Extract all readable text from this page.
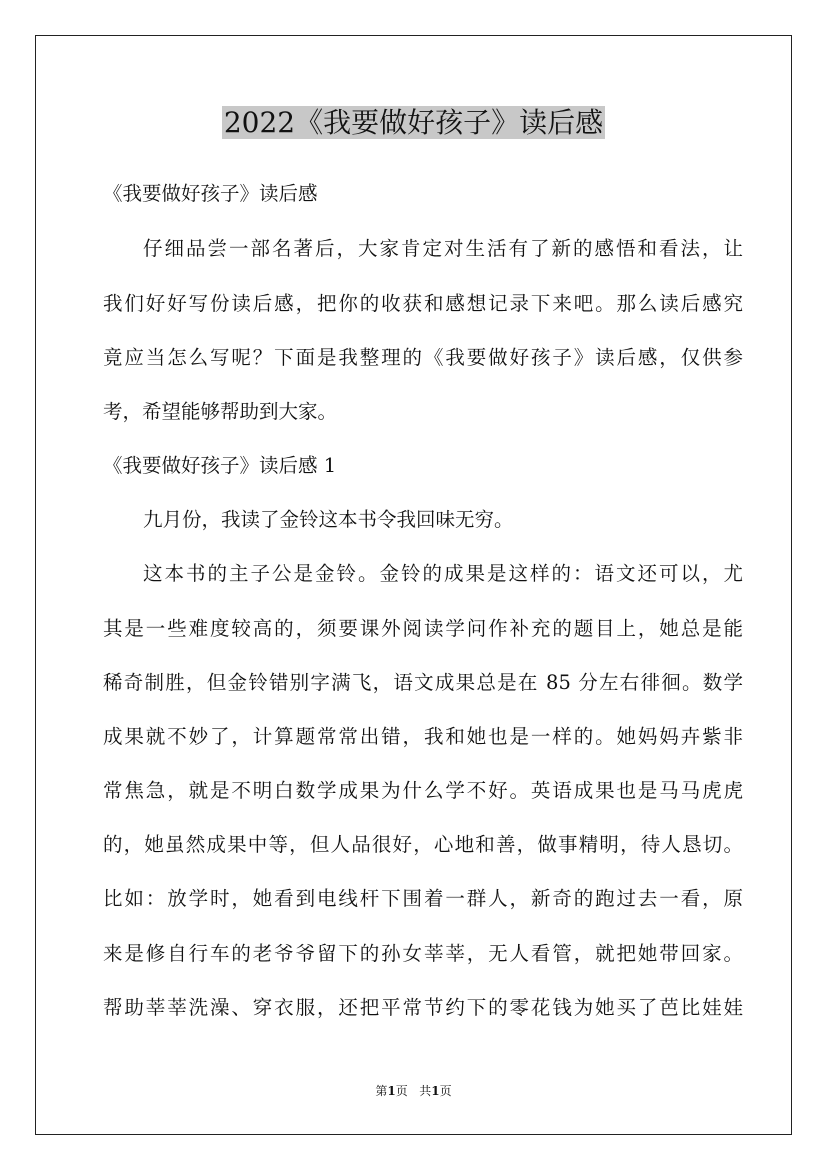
2022《我要做好孩子》读后感
《我要做好孩子》读后感
仔细品尝一部名著后，大家肯定对生活有了新的感悟和看法，让
我们好好写份读后感，把你的收获和感想记录下来吧。那么读后感究
竟应当怎么写呢？下面是我整理的《我要做好孩子》读后感，仅供参
考，希望能够帮助到大家。
《我要做好孩子》读后感 1
九月份，我读了金铃这本书令我回味无穷。
这本书的主子公是金铃。金铃的成果是这样的：语文还可以，尤
其是一些难度较高的，须要课外阅读学问作补充的题目上，她总是能
稀奇制胜，但金铃错别字满飞，语文成果总是在 85 分左右徘徊。数学
成果就不妙了，计算题常常出错，我和她也是一样的。她妈妈卉紫非
常焦急，就是不明白数学成果为什么学不好。英语成果也是马马虎虎
的，她虽然成果中等，但人品很好，心地和善，做事精明，待人恳切。
比如：放学时，她看到电线杆下围着一群人，新奇的跑过去一看，原
来是修自行车的老爷爷留下的孙女莘莘，无人看管，就把她带回家。
帮助莘莘洗澡、穿衣服，还把平常节约下的零花钱为她买了芭比娃娃
第1页 共1页
